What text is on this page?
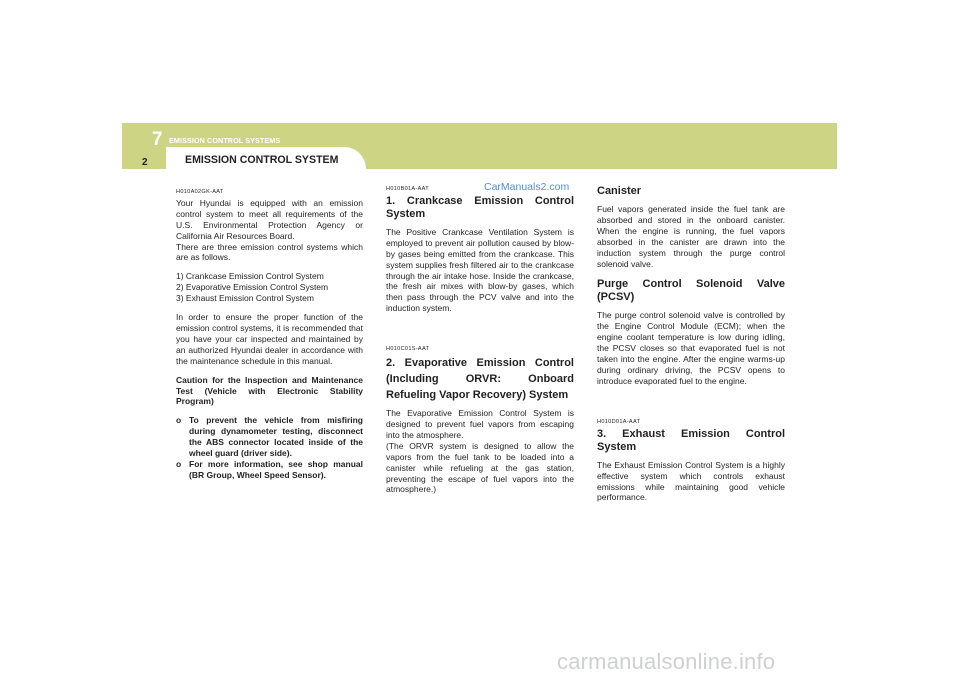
7 EMISSION CONTROL SYSTEMS
EMISSION CONTROL SYSTEM
2
CarManuals2.com

H010A02GK-AAT

Your Hyundai is equipped with an emission control system to meet all requirements of the U.S. Environmental Protection Agency or California Air Resources Board.

There are three emission control systems which are as follows.

1) Crankcase Emission Control System

2) Evaporative Emission Control System

3) Exhaust Emission Control System

In order to ensure the proper function of the emission control systems, it is recommended that you have your car inspected and maintained by an authorized Hyundai dealer in accordance with the maintenance schedule in this manual.

Caution for the Inspection and Maintenance Test (Vehicle with Electronic Stability Program)

o To prevent the vehicle from misfiring during dynamometer testing, disconnect the ABS connector located inside of the wheel guard (driver side).
o For more information, see shop manual (BR Group, Wheel Speed Sensor).

H010B01A-AAT

1. Crankcase Emission Control System

The Positive Crankcase Ventilation System is employed to prevent air pollution caused by blow-by gases being emitted from the crankcase. This system supplies fresh filtered air to the crankcase through the air intake hose. Inside the crankcase, the fresh air mixes with blow-by gases, which then pass through the PCV valve and into the induction system.

H010C01S-AAT

2. Evaporative Emission Control (Including ORVR: Onboard Refueling Vapor Recovery) System

The Evaporative Emission Control System is designed to prevent fuel vapors from escaping into the atmosphere.

(The ORVR system is designed to allow the vapors from the fuel tank to be loaded into a canister while refueling at the gas station, preventing the escape of fuel vapors into the atmosphere.)

Canister

Fuel vapors generated inside the fuel tank are absorbed and stored in the onboard canister. When the engine is running, the fuel vapors absorbed in the canister are drawn into the induction system through the purge control solenoid valve.

Purge Control Solenoid Valve (PCSV)

The purge control solenoid valve is controlled by the Engine Control Module (ECM); when the engine coolant temperature is low during idling, the PCSV closes so that evaporated fuel is not taken into the engine. After the engine warms-up during ordinary driving, the PCSV opens to introduce evaporated fuel to the engine.

H010D01A-AAT

3. Exhaust Emission Control System

The Exhaust Emission Control System is a highly effective system which controls exhaust emissions while maintaining good vehicle performance.

carmanualsonline.info
